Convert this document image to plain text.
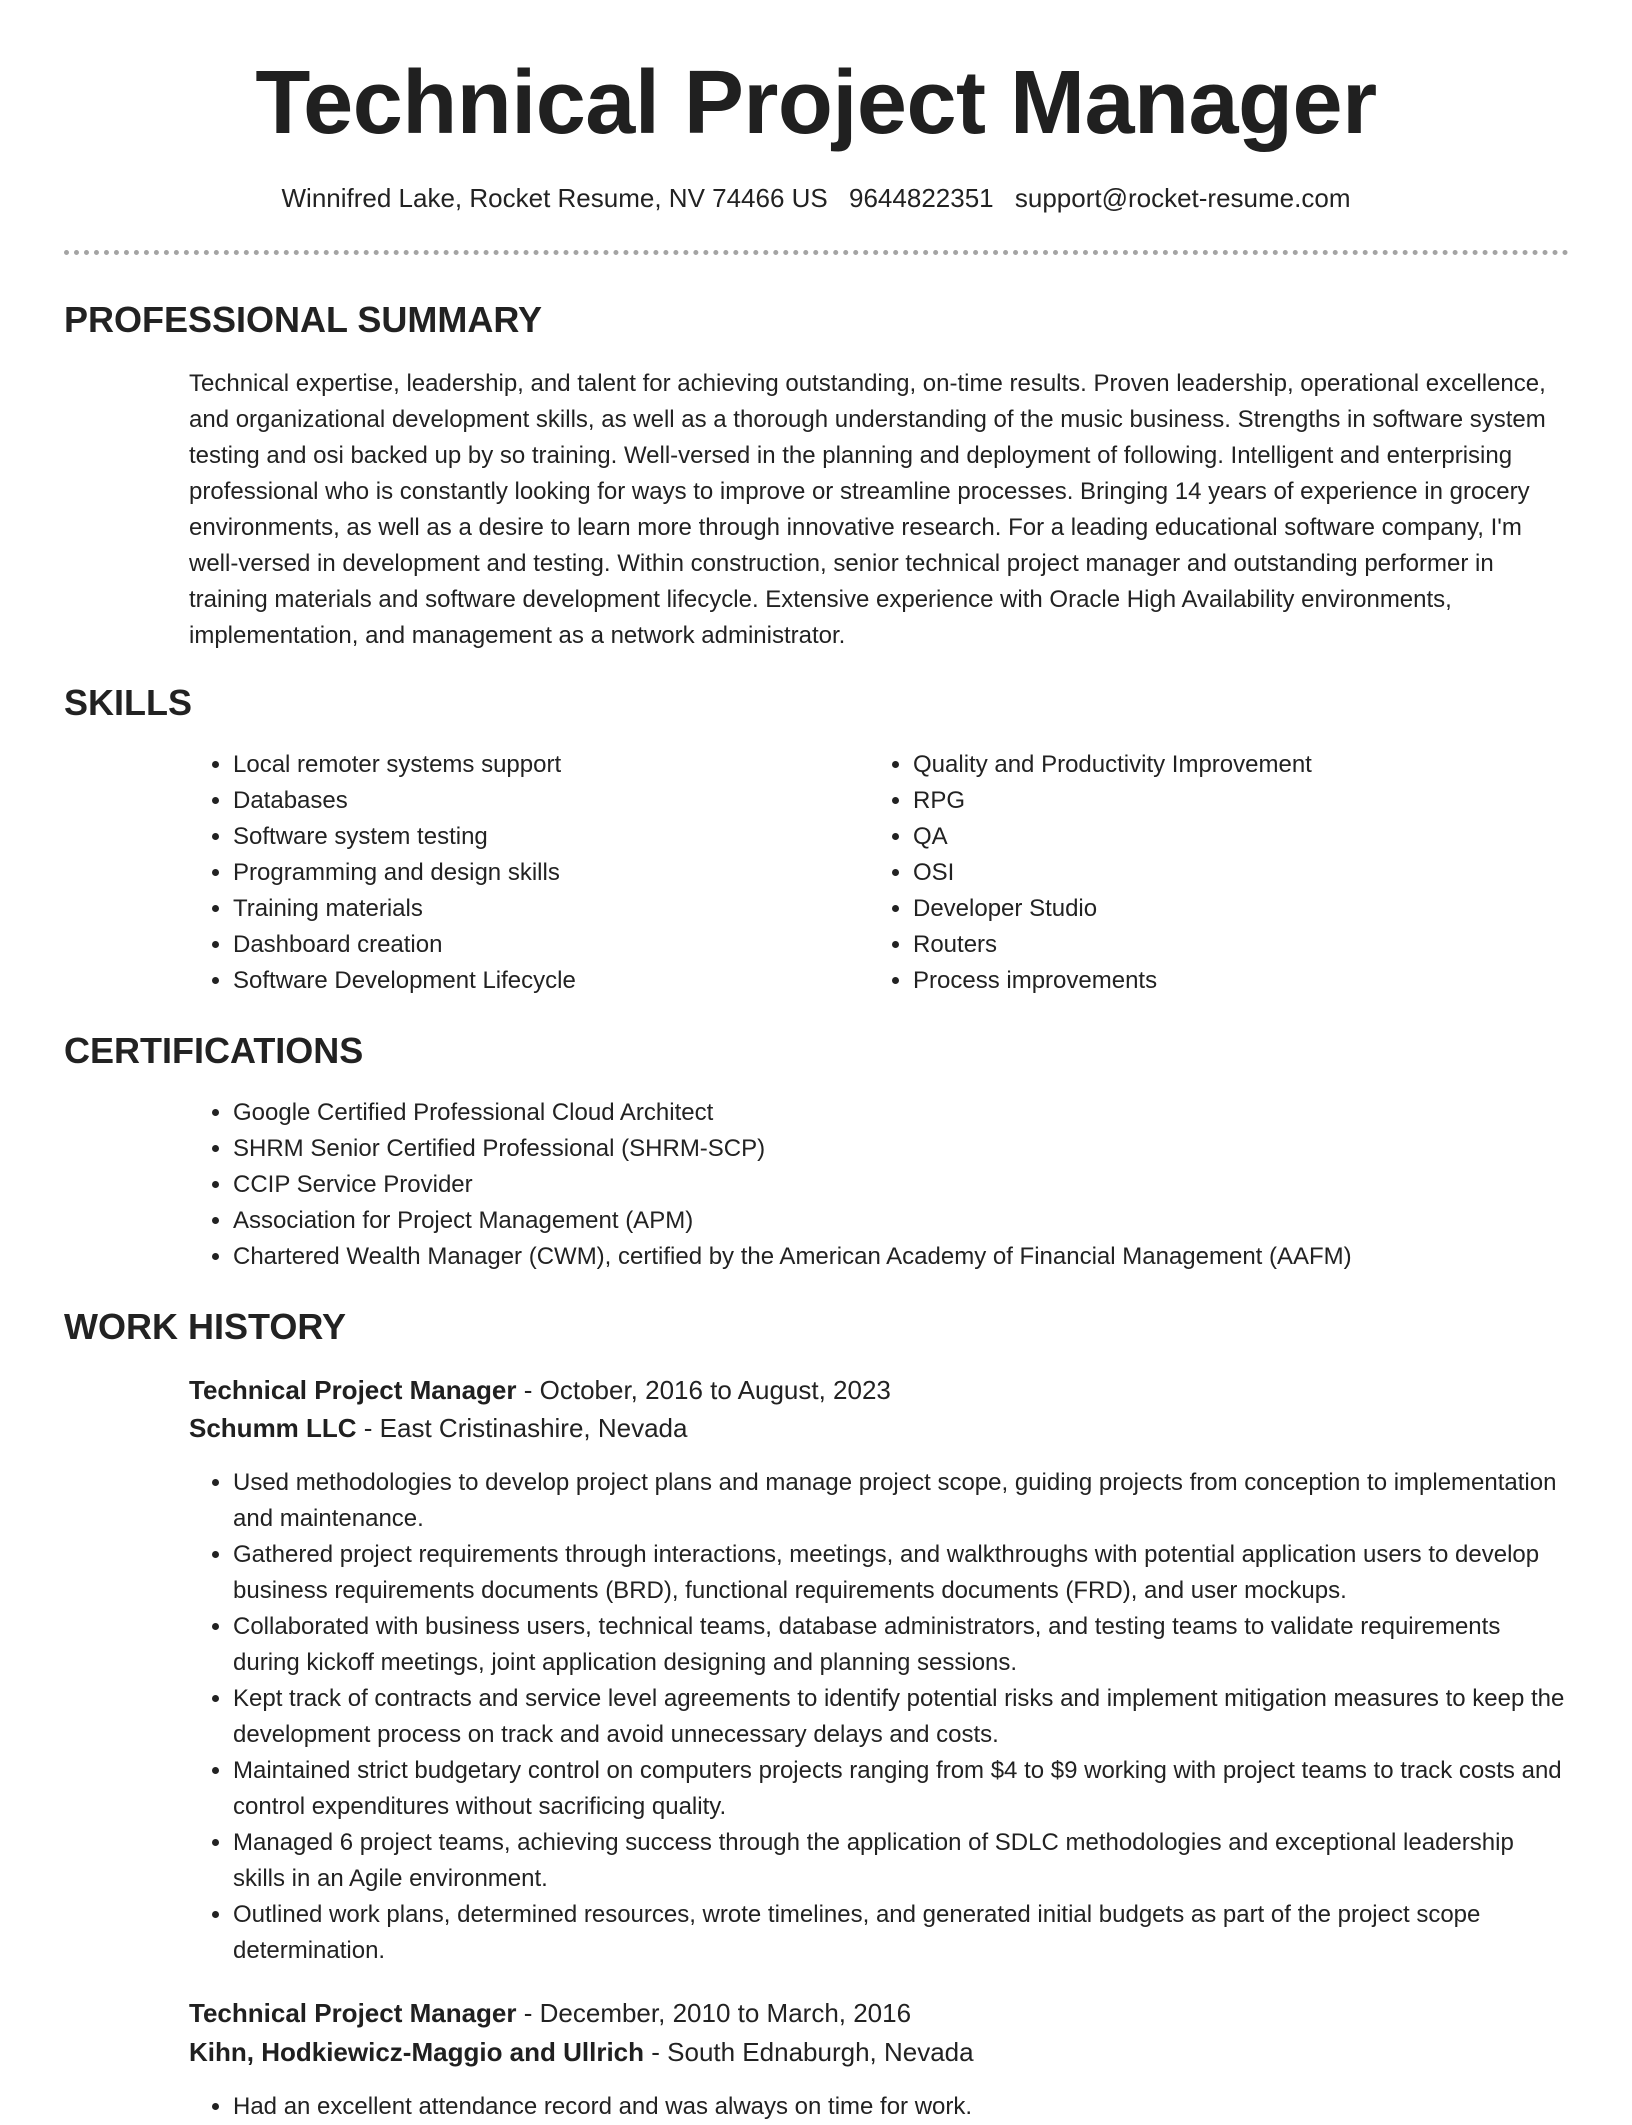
Technical Project Manager
Winnifred Lake, Rocket Resume, NV 74466 US 9644822351 support@rocket-resume.com
PROFESSIONAL SUMMARY

Technical expertise, leadership, and talent for achieving outstanding, on-time results. Proven leadership, operational excellence, and organizational development skills, as well as a thorough understanding of the music business. Strengths in software system testing and osi backed up by so training. Well-versed in the planning and deployment of following. Intelligent and enterprising professional who is constantly looking for ways to improve or streamline processes. Bringing 14 years of experience in grocery environments, as well as a desire to learn more through innovative research. For a leading educational software company, I'm well-versed in development and testing. Within construction, senior technical project manager and outstanding performer in training materials and software development lifecycle. Extensive experience with Oracle High Availability environments, implementation, and management as a network administrator.

SKILLS
• Local remoter systems support
• Databases
• Software system testing
• Programming and design skills
• Training materials
• Dashboard creation
• Software Development Lifecycle
• Quality and Productivity Improvement
• RPG
• QA
• OSI
• Developer Studio
• Routers
• Process improvements
CERTIFICATIONS
• Google Certified Professional Cloud Architect
• SHRM Senior Certified Professional (SHRM-SCP)
• CCIP Service Provider
• Association for Project Management (APM)
• Chartered Wealth Manager (CWM), certified by the American Academy of Financial Management (AAFM)
WORK HISTORY
Technical Project Manager - October, 2016 to August, 2023
Schumm LLC - East Cristinashire, Nevada
• Used methodologies to develop project plans and manage project scope, guiding projects from conception to implementation and maintenance.
• Gathered project requirements through interactions, meetings, and walkthroughs with potential application users to develop business requirements documents (BRD), functional requirements documents (FRD), and user mockups.
• Collaborated with business users, technical teams, database administrators, and testing teams to validate requirements during kickoff meetings, joint application designing and planning sessions.
• Kept track of contracts and service level agreements to identify potential risks and implement mitigation measures to keep the development process on track and avoid unnecessary delays and costs.
• Maintained strict budgetary control on computers projects ranging from $4 to $9 working with project teams to track costs and control expenditures without sacrificing quality.
• Managed 6 project teams, achieving success through the application of SDLC methodologies and exceptional leadership skills in an Agile environment.
• Outlined work plans, determined resources, wrote timelines, and generated initial budgets as part of the project scope determination.
Technical Project Manager - December, 2010 to March, 2016
Kihn, Hodkiewicz-Maggio and Ullrich - South Ednaburgh, Nevada
• Had an excellent attendance record and was always on time for work.
